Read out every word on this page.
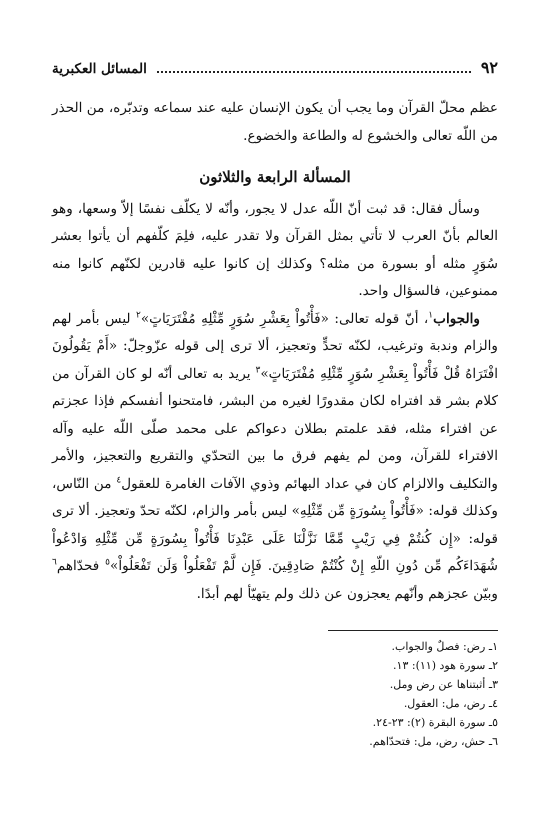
٩٢
المسائل العكبرية

عظم محلّ القرآن وما يجب أن يكون الإنسان عليه عند سماعه وتدبّره، من الحذر من اللّه تعالى والخشوع له والطاعة والخضوع.

المسألة الرابعة والثلاثون

وسأل فقال: قد ثبت أنّ اللّه عدل لا يجور، وأنّه لا يكلّف نفسًا إلاّ وسعها، وهو العالم بأنّ العرب لا تأتي بمثل القرآن ولا تقدر عليه، فلِمَ كلّفهم أن يأتوا بعشر سُوَرٍ مثله أو بسورة من مثله؟ وكذلك إن كانوا عليه قادرين لكنّهم كانوا منه ممنوعين، فالسؤال واحد.

والجواب$^١$، أنّ قوله تعالى: «فَأْتُواْ بِعَشْرِ سُوَرٍ مِّثْلِهِ مُفْتَرَيَاتٍ»$^٢$ ليس بأمر لهم والزام وندبة وترغيب، لكنّه تحدٍّ وتعجيز، ألا ترى إلى قوله عزّوجلّ: «أَمْ يَقُولُونَ افْتَرَاهُ قُلْ فَأْتُواْ بِعَشْرِ سُوَرٍ مِّثْلِهِ مُفْتَرَيَاتٍ»$^٣$ يريد به تعالى أنّه لو كان القرآن من كلام بشر قد افتراه لكان مقدورًا لغيره من البشر، فامتحنوا أنفسكم فإذا عجزتم عن افتراء مثله، فقد علمتم بطلان دعواكم على محمد صلّى اللّه عليه وآله الافتراء للقرآن، ومن لم يفهم فرق ما بين التحدّي والتقريع والتعجيز، والأمر والتكليف والالزام كان في عداد البهائم وذوي الآفات الغامرة للعقول$^٤$ من النّاس، وكذلك قوله: «فَأْتُواْ بِسُورَةٍ مِّن مِّثْلِهِ» ليس بأمر والزام، لكنّه تحدّ وتعجيز. ألا ترى قوله: «إِن كُنتُمْ فِي رَيْبٍ مِّمَّا نَزَّلْنَا عَلَى عَبْدِنَا فَأْتُواْ بِسُورَةٍ مِّن مِّثْلِهِ وَادْعُواْ شُهَدَاءَكُم مِّن دُونِ اللّهِ إِنْ كُنْتُمْ صَادِقِينَ. فَإِن لَّمْ تَفْعَلُواْ وَلَن تَفْعَلُواْ»$^٥$ فحدّاهم$^٦$ وبيّن عجزهم وأنّهم يعجزون عن ذلك ولم يتهيّأ لهم أبدًا.

١ـ رض: فصلٌ والجواب.
٢ـ سورة هود (١١): ١٣.
٣ـ أثبتناها عن رض ومل.
٤ـ رض، مل: العقول.
٥ـ سورة البقرة (٢): ٢٣-٢٤.
٦ـ حش، رض، مل: فتحدّاهم.
